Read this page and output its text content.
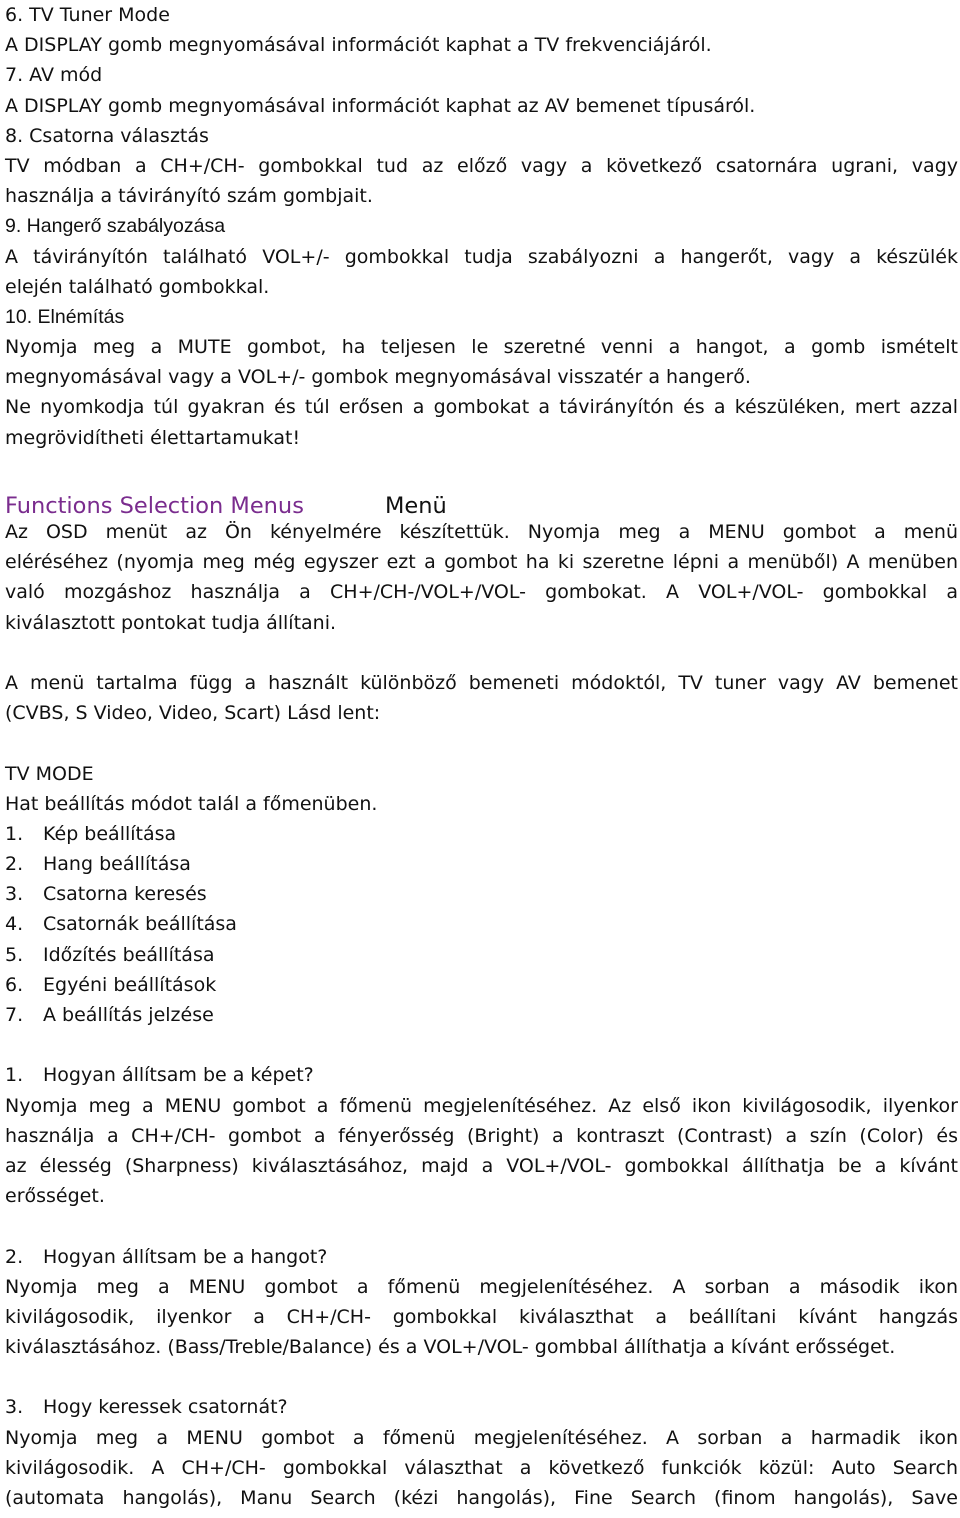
6. TV Tuner Mode
A DISPLAY gomb megnyomásával információt kaphat a TV frekvenciájáról.
7. AV mód
A DISPLAY gomb megnyomásával információt kaphat az AV bemenet típusáról.
8. Csatorna választás
TV módban a CH+/CH- gombokkal tud az előző vagy a következő csatornára ugrani, vagy
használja a távirányító szám gombjait.
9. Hangerő szabályozása
A távirányítón található VOL+/- gombokkal tudja szabályozni a hangerőt, vagy a készülék
elején található gombokkal.
10. Elnémítás
Nyomja meg a MUTE gombot, ha teljesen le szeretné venni a hangot, a gomb ismételt
megnyomásával vagy a VOL+/- gombok megnyomásával visszatér a hangerő.
Ne nyomkodja túl gyakran és túl erősen a gombokat a távirányítón és a készüléken, mert azzal
megrövidítheti élettartamukat!
Functions Selection Menus	Menü
Az OSD menüt az Ön kényelmére készítettük. Nyomja meg a MENU gombot a menü
eléréséhez (nyomja meg még egyszer ezt a gombot ha ki szeretne lépni a menüből) A menüben
való mozgáshoz használja a CH+/CH-/VOL+/VOL- gombokat. A VOL+/VOL- gombokkal a
kiválasztott pontokat tudja állítani.
A menü tartalma függ a használt különböző bemeneti módoktól, TV tuner vagy AV bemenet
(CVBS, S Video, Video, Scart) Lásd lent:
TV MODE
Hat beállítás módot talál a főmenüben.
1. Kép beállítása
2. Hang beállítása
3. Csatorna keresés
4. Csatornák beállítása
5. Időzítés beállítása
6. Egyéni beállítások
7. A beállítás jelzése
1. Hogyan állítsam be a képet?
Nyomja meg a MENU gombot a főmenü megjelenítéséhez. Az első ikon kivilágosodik, ilyenkor
használja a CH+/CH- gombot a fényerősség (Bright) a kontraszt (Contrast) a szín (Color) és
az élesség (Sharpness) kiválasztásához, majd a VOL+/VOL- gombokkal állíthatja be a kívánt
erősséget.
2. Hogyan állítsam be a hangot?
Nyomja meg a MENU gombot a főmenü megjelenítéséhez. A sorban a második ikon
kivilágosodik, ilyenkor a CH+/CH- gombokkal kiválaszthat a beállítani kívánt hangzás
kiválasztásához. (Bass/Treble/Balance) és a VOL+/VOL- gombbal állíthatja a kívánt erősséget.
3. Hogy keressek csatornát?
Nyomja meg a MENU gombot a főmenü megjelenítéséhez. A sorban a harmadik ikon
kivilágosodik. A CH+/CH- gombokkal választhat a következő funkciók közül: Auto Search
(automata hangolás), Manu Search (kézi hangolás), Fine Search (finom hangolás), Save
